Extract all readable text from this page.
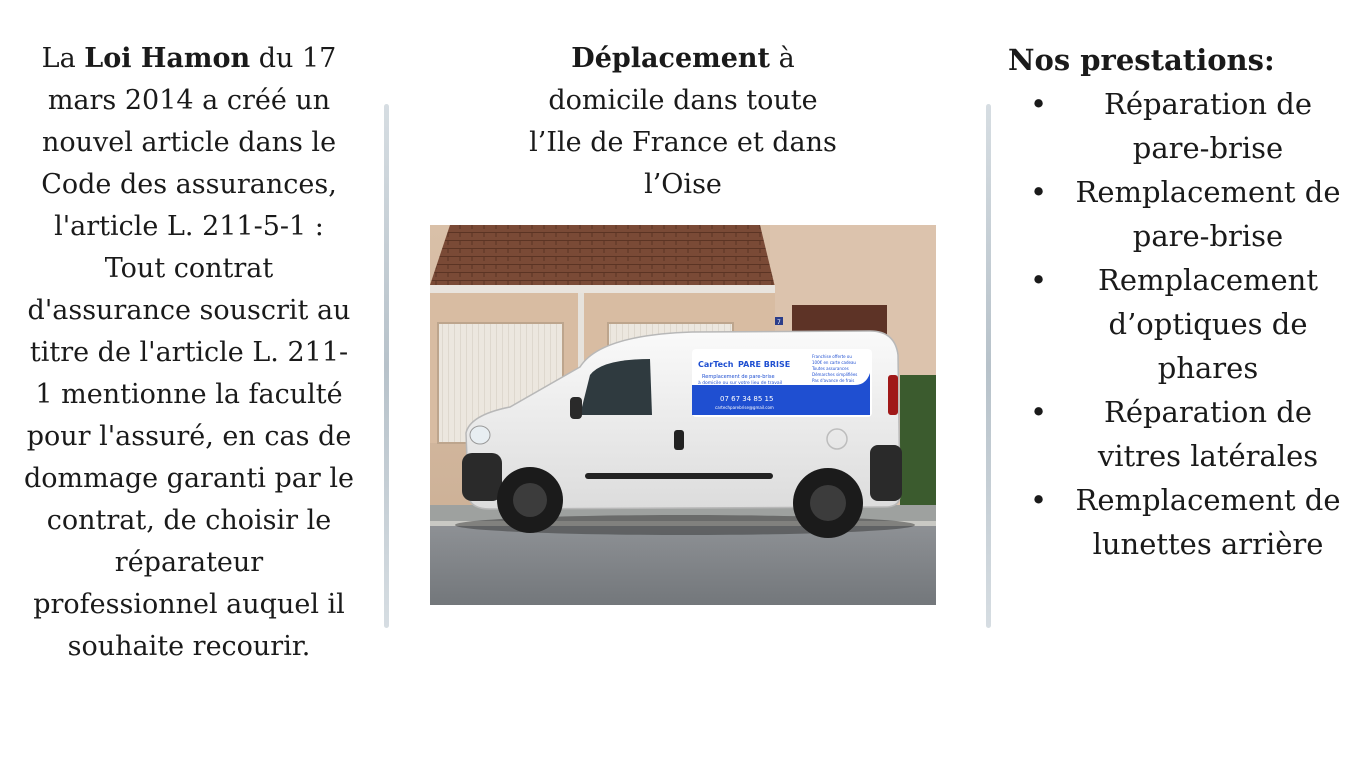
La Loi Hamon du 17 mars 2014 a créé un nouvel article dans le Code des assurances, l'article L. 211-5-1 : Tout contrat d'assurance souscrit au titre de l'article L. 211-1 mentionne la faculté pour l'assuré, en cas de dommage garanti par le contrat, de choisir le réparateur professionnel auquel il souhaite recourir.
Déplacement à domicile dans toute l’Ile de France et dans l’Oise
CarTech PARE BRISE
Remplacement de pare-brise
à domicile ou sur votre lieu de travail
07 67 34 85 15
cartechparebrise@gmail.com
Franchise offerte ou
100€ en carte cadeau
Toutes assurances
Démarches simplifiées
Pas d'avance de frais
7
Nos prestations:
• Réparation de pare-brise
• Remplacement de pare-brise
• Remplacement d’optiques de phares
• Réparation de vitres latérales
• Remplacement de lunettes arrière
